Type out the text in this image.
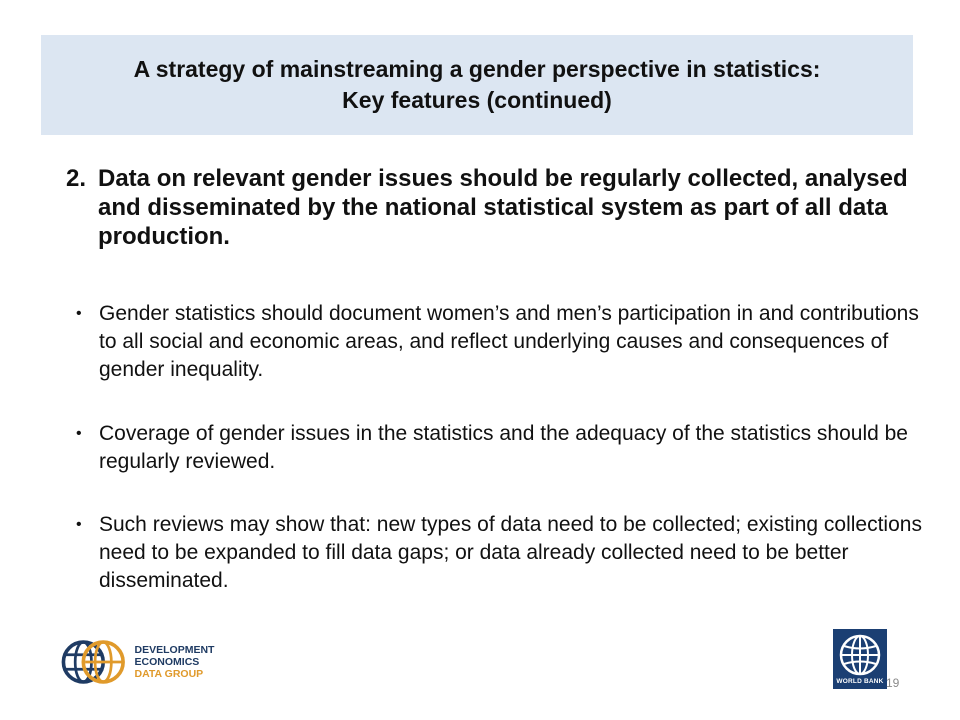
A strategy of mainstreaming a gender perspective in statistics:
Key features (continued)
2. Data on relevant gender issues should be regularly collected, analysed and disseminated by the national statistical system as part of all data production.
• Gender statistics should document women’s and men’s participation in and contributions to all social and economic areas, and reflect underlying causes and consequences of gender inequality.
• Coverage of gender issues in the statistics and the adequacy of the statistics should be regularly reviewed.
• Such reviews may show that: new types of data need to be collected; existing collections need to be expanded to fill data gaps; or data already collected need to be better disseminated.
DEVELOPMENT ECONOMICS
DATA GROUP
WORLD BANK 19
